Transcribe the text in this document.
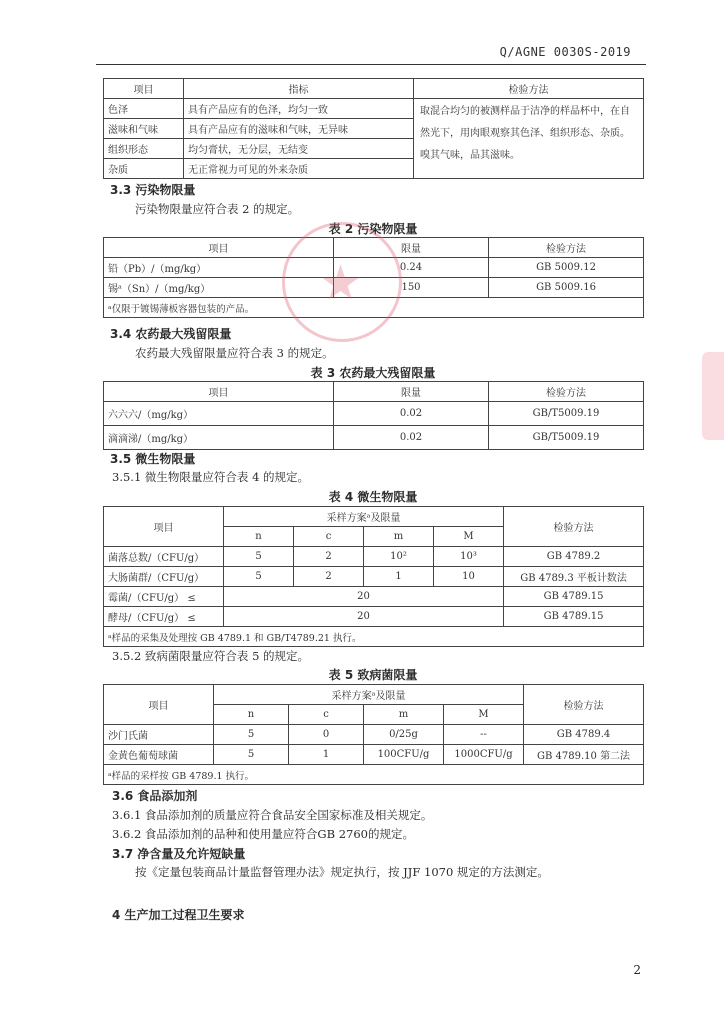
Q/AGNE 0030S-2019
项目	指标	检验方法
色泽	具有产品应有的色泽，均匀一致	取混合均匀的被测样品于洁净的样品杯中，在自然光下，用肉眼观察其色泽、组织形态、杂质。嗅其气味，品其滋味。
滋味和气味	具有产品应有的滋味和气味，无异味	
组织形态	均匀膏状，无分层，无结变	
杂质	无正常视力可见的外来杂质	
3.3 污染物限量
污染物限量应符合表 2 的规定。
表 2 污染物限量
项目	限量	检验方法
铅（Pb）/（mg/kg）	0.24	GB 5009.12
锡ᵃ（Sn）/（mg/kg）	150	GB 5009.16
ᵃ仅限于镀锡薄板容器包装的产品。		
3.4 农药最大残留限量
农药最大残留限量应符合表 3 的规定。
表 3 农药最大残留限量
项目	限量	检验方法
六六六/（mg/kg）	0.02	GB/T5009.19
滴滴涕/（mg/kg）	0.02	GB/T5009.19
3.5 微生物限量
3.5.1 微生物限量应符合表 4 的规定。
表 4 微生物限量
项目	采样方案ᵃ及限量				检验方法
	n	c	m	M	
菌落总数/（CFU/g）	5	2	10²	10³	GB 4789.2
大肠菌群/（CFU/g）	5	2	1	10	GB 4789.3 平板计数法
霉菌/（CFU/g） ≤	20				GB 4789.15
酵母/（CFU/g） ≤	20				GB 4789.15
ᵃ样品的采集及处理按 GB 4789.1 和 GB/T4789.21 执行。					
3.5.2 致病菌限量应符合表 5 的规定。
表 5 致病菌限量
项目	采样方案ᵃ及限量				检验方法
	n	c	m	M	
沙门氏菌	5	0	0/25g	--	GB 4789.4
金黄色葡萄球菌	5	1	100CFU/g	1000CFU/g	GB 4789.10 第二法
ᵃ样品的采样按 GB 4789.1 执行。					
3.6 食品添加剂
3.6.1 食品添加剂的质量应符合食品安全国家标准及相关规定。
3.6.2 食品添加剂的品种和使用量应符合GB 2760的规定。
3.7 净含量及允许短缺量
按《定量包装商品计量监督管理办法》规定执行，按 JJF 1070 规定的方法测定。
4 生产加工过程卫生要求
2
★
